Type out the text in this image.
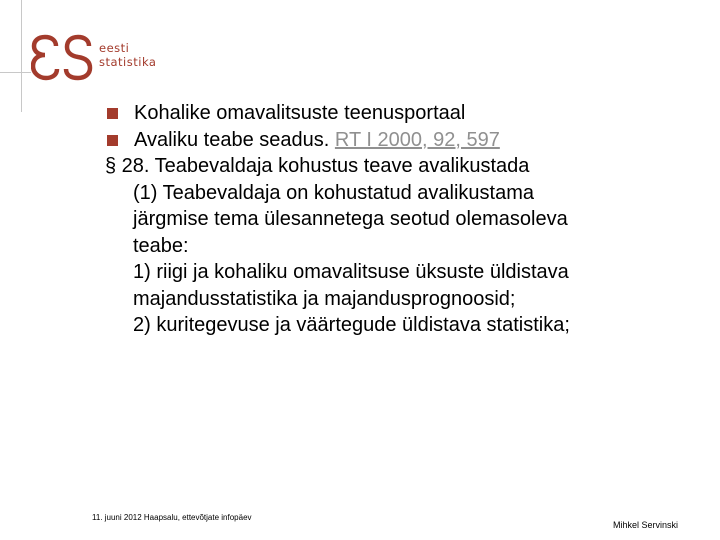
eesti
statistika
Kohalike omavalitsuste teenusportaal
Avaliku teabe seadus. RT I 2000, 92, 597
§ 28. Teabevaldaja kohustus teave avalikustada
(1) Teabevaldaja on kohustatud avalikustama
järgmise tema ülesannetega seotud olemasoleva
teabe:
1) riigi ja kohaliku omavalitsuse üksuste üldistava
majandusstatistika ja majandusprognoosid;
2) kuritegevuse ja väärtegude üldistava statistika;
11. juuni 2012 Haapsalu, ettevõtjate infopäev
Mihkel Servinski
